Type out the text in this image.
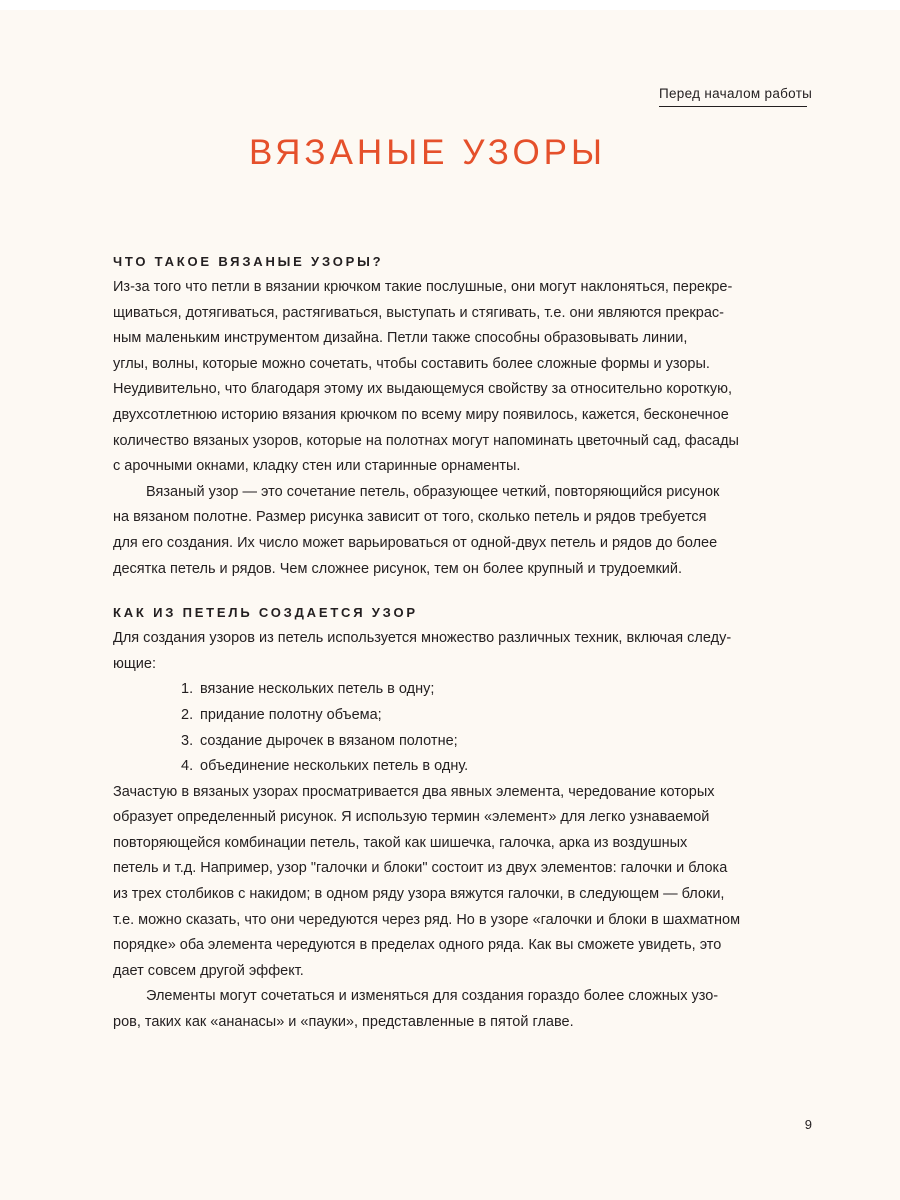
Перед началом работы
ВЯЗАНЫЕ УЗОРЫ
ЧТО ТАКОЕ ВЯЗАНЫЕ УЗОРЫ?

Из-за того что петли в вязании крючком такие послушные, они могут наклоняться, перекре-
щиваться, дотягиваться, растягиваться, выступать и стягивать, т.е. они являются прекрас-
ным маленьким инструментом дизайна. Петли также способны образовывать линии,
углы, волны, которые можно сочетать, чтобы составить более сложные формы и узоры.
Неудивительно, что благодаря этому их выдающемуся свойству за относительно короткую,
двухсотлетнюю историю вязания крючком по всему миру появилось, кажется, бесконечное
количество вязаных узоров, которые на полотнах могут напоминать цветочный сад, фасады
с арочными окнами, кладку стен или старинные орнаменты.

Вязаный узор — это сочетание петель, образующее четкий, повторяющийся рисунок
на вязаном полотне. Размер рисунка зависит от того, сколько петель и рядов требуется
для его создания. Их число может варьироваться от одной-двух петель и рядов до более
десятка петель и рядов. Чем сложнее рисунок, тем он более крупный и трудоемкий.

КАК ИЗ ПЕТЕЛЬ СОЗДАЕТСЯ УЗОР

Для создания узоров из петель используется множество различных техник, включая следу-
ющие:

1. вязание нескольких петель в одну;
2. придание полотну объема;
3. создание дырочек в вязаном полотне;
4. объединение нескольких петель в одну.

Зачастую в вязаных узорах просматривается два явных элемента, чередование которых
образует определенный рисунок. Я использую термин «элемент» для легко узнаваемой
повторяющейся комбинации петель, такой как шишечка, галочка, арка из воздушных
петель и т.д. Например, узор "галочки и блоки" состоит из двух элементов: галочки и блока
из трех столбиков с накидом; в одном ряду узора вяжутся галочки, в следующем — блоки,
т.е. можно сказать, что они чередуются через ряд. Но в узоре «галочки и блоки в шахматном
порядке» оба элемента чередуются в пределах одного ряда. Как вы сможете увидеть, это
дает совсем другой эффект.

Элементы могут сочетаться и изменяться для создания гораздо более сложных узо-
ров, таких как «ананасы» и «пауки», представленные в пятой главе.

9
